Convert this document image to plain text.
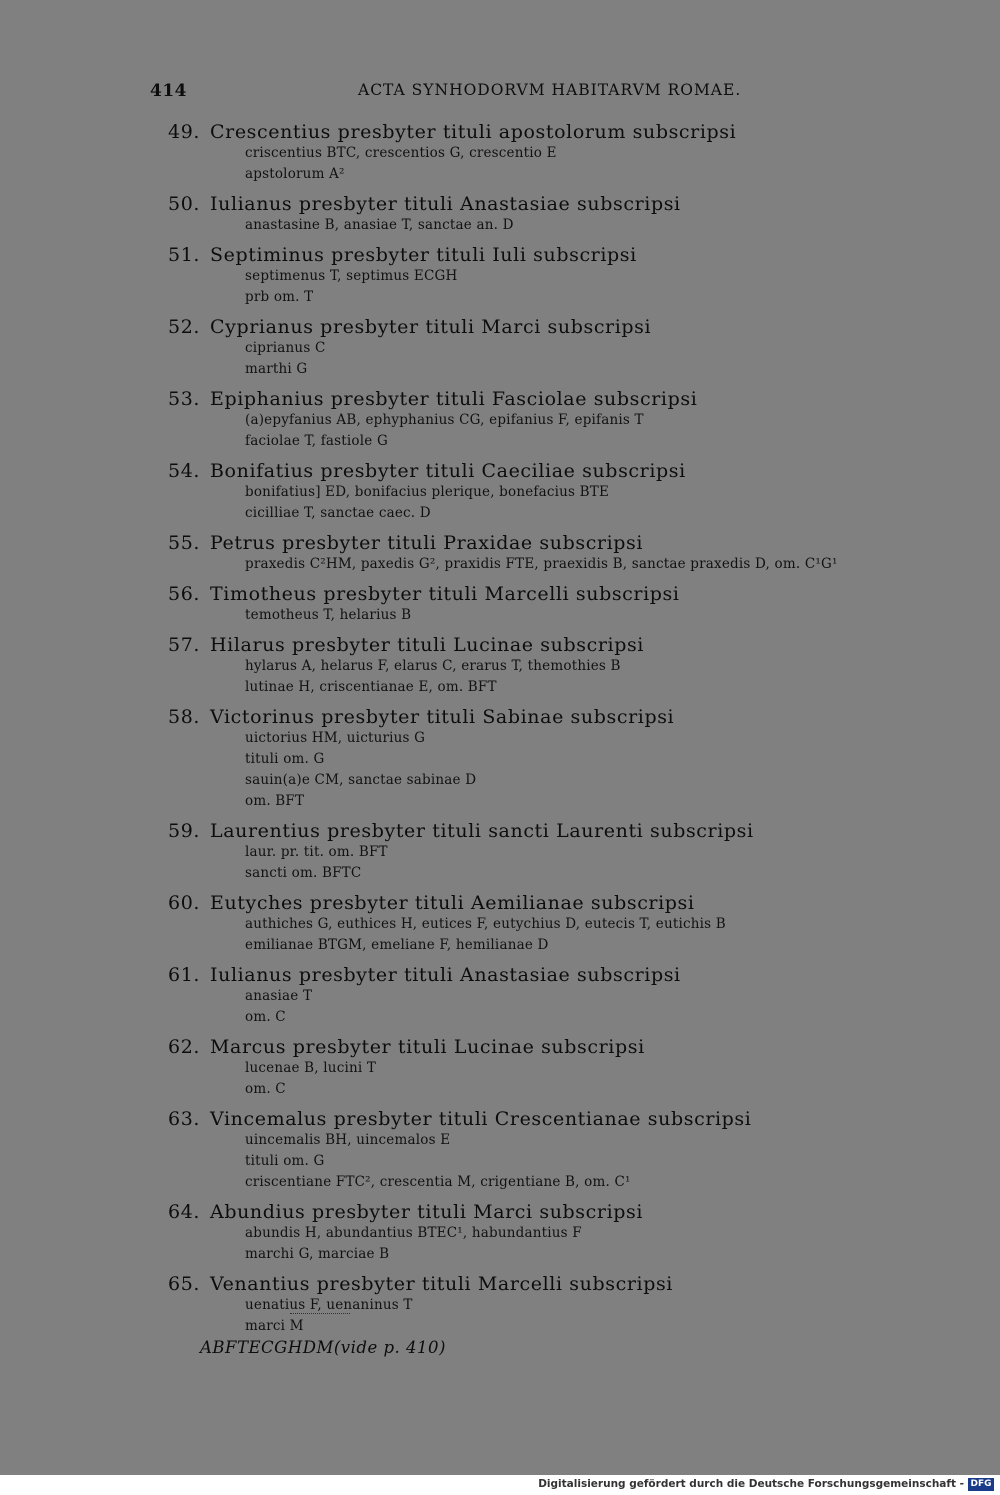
414	ACTA SYNHODORVM HABITARVM ROMAE.
49. Crescentius presbyter tituli apostolorum subscripsi
criscentius BTC, crescentios G, crescentio E
apstolorum A²
50. Iulianus presbyter tituli Anastasiae subscripsi
anastasine B, anasiae T, sanctae an. D
51. Septiminus presbyter tituli Iuli subscripsi
septimenus T, septimus ECGH
prb om. T
52. Cyprianus presbyter tituli Marci subscripsi
ciprianus C
marthi G
53. Epiphanius presbyter tituli Fasciolae subscripsi
(a)epyfanius AB, ephyphanius CG, epifanius F, epifanis T
faciolae T, fastiole G
54. Bonifatius presbyter tituli Caeciliae subscripsi
bonifatius] ED, bonifacius plerique, bonefacius BTE
cicilliae T, sanctae caec. D
55. Petrus presbyter tituli Praxidae subscripsi
praxedis C²HM, paxedis G², praxidis FTE, praexidis B, sanctae praxedis D, om. C¹G¹
56. Timotheus presbyter tituli Marcelli subscripsi
temotheus T, helarius B
57. Hilarus presbyter tituli Lucinae subscripsi
hylarus A, helarus F, elarus C, erarus T, themothies B
lutinae H, criscentianae E, om. BFT
58. Victorinus presbyter tituli Sabinae subscripsi
uictorius HM, uicturius G
tituli om. G
sauin(a)e CM, sanctae sabinae D
om. BFT
59. Laurentius presbyter tituli sancti Laurenti subscripsi
laur. pr. tit. om. BFT
sancti om. BFTC
60. Eutyches presbyter tituli Aemilianae subscripsi
authiches G, euthices H, eutices F, eutychius D, eutecis T, eutichis B
emilianae BTGM, emeliane F, hemilianae D
61. Iulianus presbyter tituli Anastasiae subscripsi
anasiae T
om. C
62. Marcus presbyter tituli Lucinae subscripsi
lucenae B, lucini T
om. C
63. Vincemalus presbyter tituli Crescentianae subscripsi
uincemalis BH, uincemalos E
tituli om. G
criscentiane FTC², crescentia M, crigentiane B, om. C¹
64. Abundius presbyter tituli Marci subscripsi
abundis H, abundantius BTEC¹, habundantius F
marchi G, marciae B
65. Venantius presbyter tituli Marcelli subscripsi
uenatius F, uenaninus T
marci M
ABFTECGHDM(vide p. 410)
Digitalisierung gefördert durch die Deutsche Forschungsgemeinschaft - DFG
